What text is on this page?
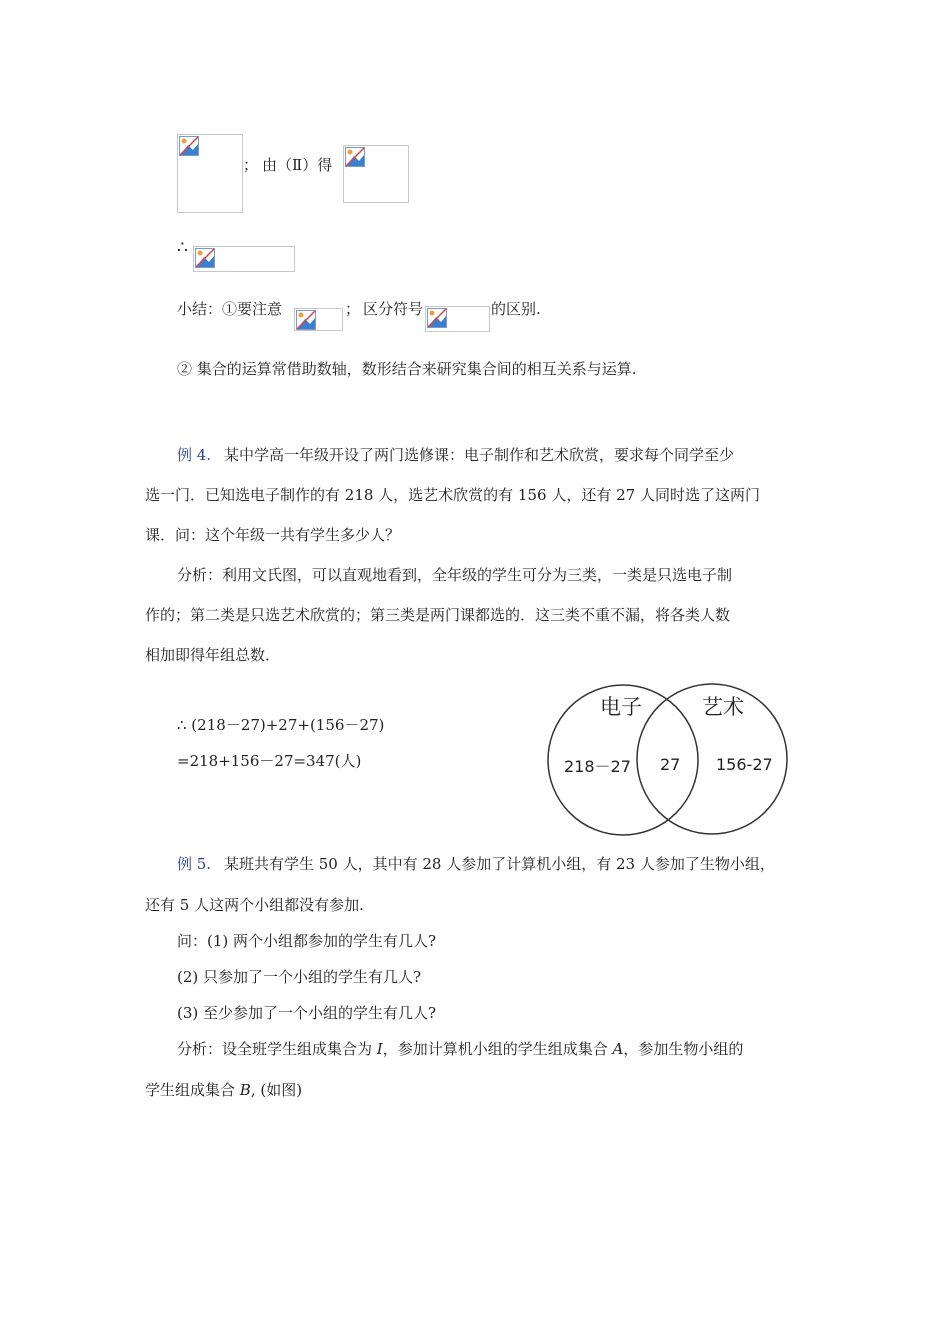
； 由（Ⅱ）得
∴
小结：①要注意	； 区分符号	的区别.
② 集合的运算常借助数轴，数形结合来研究集合间的相互关系与运算.
例 4. 某中学高一年级开设了两门选修课：电子制作和艺术欣赏，要求每个同学至少
选一门．已知选电子制作的有 218 人，选艺术欣赏的有 156 人，还有 27 人同时选了这两门
课．问：这个年级一共有学生多少人？
分析：利用文氏图，可以直观地看到，全年级的学生可分为三类，一类是只选电子制
作的；第二类是只选艺术欣赏的；第三类是两门课都选的．这三类不重不漏，将各类人数
相加即得年组总数．
∴ (218－27)+27+(156－27)
=218+156－27=347(人)
电子	艺术
218－27 27 156-27
例 5. 某班共有学生 50 人，其中有 28 人参加了计算机小组，有 23 人参加了生物小组，
还有 5 人这两个小组都没有参加.
问：(1) 两个小组都参加的学生有几人?
(2) 只参加了一个小组的学生有几人?
(3) 至少参加了一个小组的学生有几人?
分析：设全班学生组成集合为 I，参加计算机小组的学生组成集合 A，参加生物小组的
学生组成集合 B, (如图)
